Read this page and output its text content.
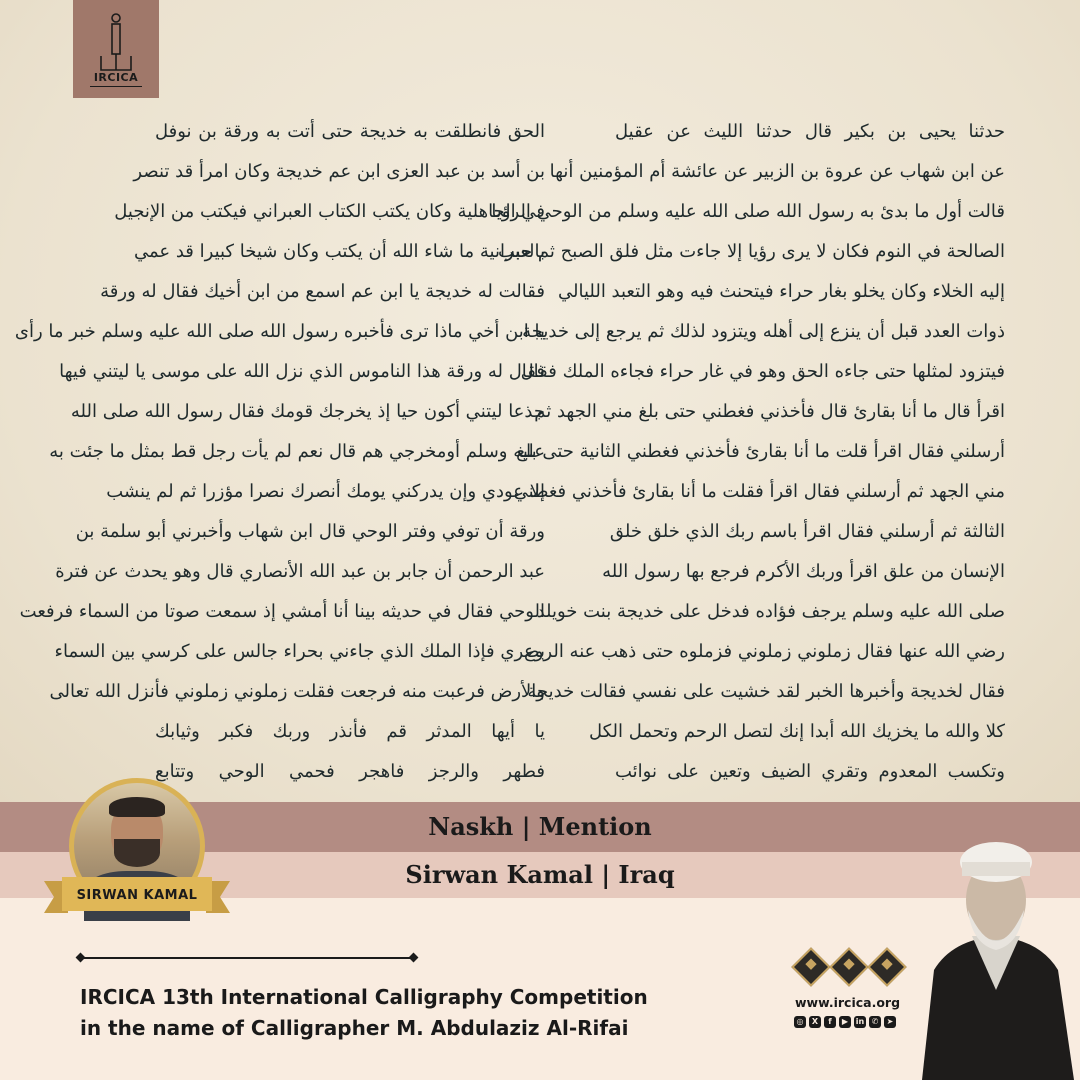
IRCICA
حدثنا يحيى بن بكير قال حدثنا الليث عن عقيل
عن ابن شهاب عن عروة بن الزبير عن عائشة أم المؤمنين أنها
قالت أول ما بدئ به رسول الله صلى الله عليه وسلم من الوحي الرؤيا
الصالحة في النوم فكان لا يرى رؤيا إلا جاءت مثل فلق الصبح ثم حبب
إليه الخلاء وكان يخلو بغار حراء فيتحنث فيه وهو التعبد الليالي
ذوات العدد قبل أن ينزع إلى أهله ويتزود لذلك ثم يرجع إلى خديجة
فيتزود لمثلها حتى جاءه الحق وهو في غار حراء فجاءه الملك فقال
اقرأ قال ما أنا بقارئ قال فأخذني فغطني حتى بلغ مني الجهد ثم
أرسلني فقال اقرأ قلت ما أنا بقارئ فأخذني فغطني الثانية حتى بلغ
مني الجهد ثم أرسلني فقال اقرأ فقلت ما أنا بقارئ فأخذني فغطني
الثالثة ثم أرسلني فقال اقرأ باسم ربك الذي خلق خلق
الإنسان من علق اقرأ وربك الأكرم فرجع بها رسول الله
صلى الله عليه وسلم يرجف فؤاده فدخل على خديجة بنت خويلد
رضي الله عنها فقال زملوني زملوني فزملوه حتى ذهب عنه الروع
فقال لخديجة وأخبرها الخبر لقد خشيت على نفسي فقالت خديجة
كلا والله ما يخزيك الله أبدا إنك لتصل الرحم وتحمل الكل
وتكسب المعدوم وتقري الضيف وتعين على نوائب
الحق فانطلقت به خديجة حتى أتت به ورقة بن نوفل
بن أسد بن عبد العزى ابن عم خديجة وكان امرأ قد تنصر
في الجاهلية وكان يكتب الكتاب العبراني فيكتب من الإنجيل
بالعبرانية ما شاء الله أن يكتب وكان شيخا كبيرا قد عمي
فقالت له خديجة يا ابن عم اسمع من ابن أخيك فقال له ورقة
يا ابن أخي ماذا ترى فأخبره رسول الله صلى الله عليه وسلم خبر ما رأى
فقال له ورقة هذا الناموس الذي نزل الله على موسى يا ليتني فيها
جذعا ليتني أكون حيا إذ يخرجك قومك فقال رسول الله صلى الله
عليه وسلم أومخرجي هم قال نعم لم يأت رجل قط بمثل ما جئت به
إلا عودي وإن يدركني يومك أنصرك نصرا مؤزرا ثم لم ينشب
ورقة أن توفي وفتر الوحي قال ابن شهاب وأخبرني أبو سلمة بن
عبد الرحمن أن جابر بن عبد الله الأنصاري قال وهو يحدث عن فترة
الوحي فقال في حديثه بينا أنا أمشي إذ سمعت صوتا من السماء فرفعت
بصري فإذا الملك الذي جاءني بحراء جالس على كرسي بين السماء
والأرض فرعبت منه فرجعت فقلت زملوني زملوني فأنزل الله تعالى
يا أيها المدثر قم فأنذر وربك فكبر وثيابك
فطهر والرجز فاهجر فحمي الوحي وتتابع
Naskh | Mention
Sirwan Kamal | Iraq
SIRWAN KAMAL
IRCICA 13th International Calligraphy Competition
in the name of Calligrapher M. Abdulaziz Al-Rifai
www.ircica.org
◎	X	f	▶ in ✆	➤
